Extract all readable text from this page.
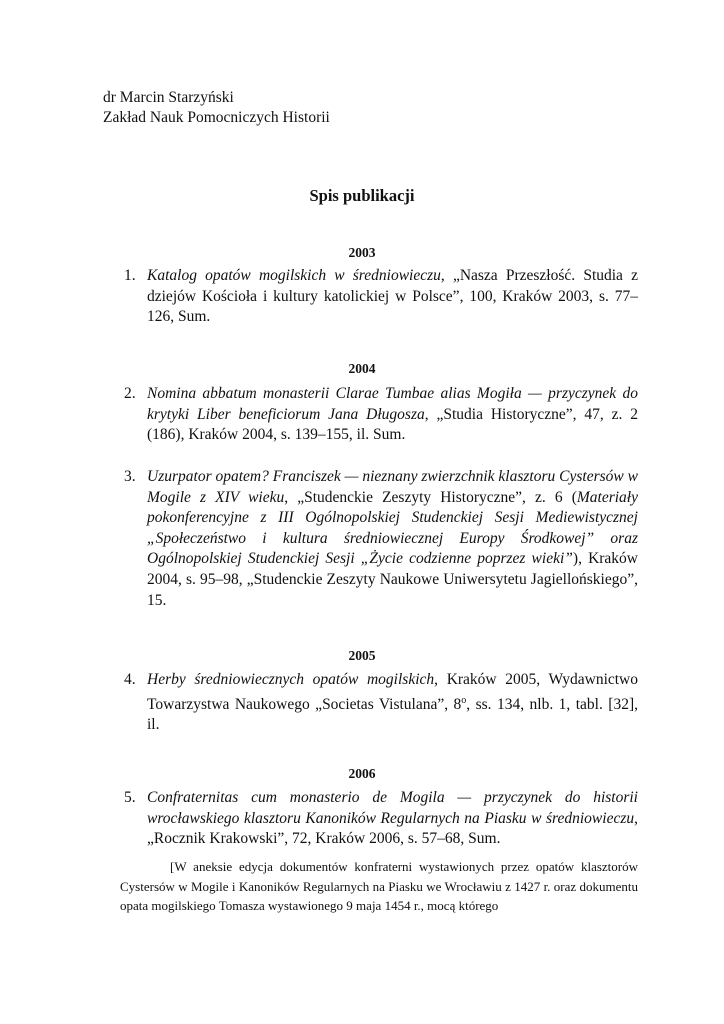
dr Marcin Starzyński
Zakład Nauk Pomocniczych Historii
Spis publikacji
2003
1. Katalog opatów mogilskich w średniowieczu, „Nasza Przeszłość. Studia z dziejów Kościoła i kultury katolickiej w Polsce”, 100, Kraków 2003, s. 77–126, Sum.
2004
2. Nomina abbatum monasterii Clarae Tumbae alias Mogiła — przyczynek do krytyki Liber beneficiorum Jana Długosza, „Studia Historyczne”, 47, z. 2 (186), Kraków 2004, s. 139–155, il. Sum.
3. Uzurpator opatem? Franciszek — nieznany zwierzchnik klasztoru Cystersów w Mogile z XIV wieku, „Studenckie Zeszyty Historyczne”, z. 6 (Materiały pokonferencyjne z III Ogólnopolskiej Studenckiej Sesji Mediewistycznej „Społeczeństwo i kultura średniowiecznej Europy Środkowej” oraz Ogólnopolskiej Studenckiej Sesji „Życie codzienne poprzez wieki”), Kraków 2004, s. 95–98, „Studenckie Zeszyty Naukowe Uniwersytetu Jagiellońskiego”, 15.
2005
4. Herby średniowiecznych opatów mogilskich, Kraków 2005, Wydawnictwo Towarzystwa Naukowego „Societas Vistulana”, 8$^o$, ss. 134, nlb. 1, tabl. [32], il.
2006
5. Confraternitas cum monasterio de Mogila — przyczynek do historii wrocławskiego klasztoru Kanoników Regularnych na Piasku w średniowieczu, „Rocznik Krakowski”, 72, Kraków 2006, s. 57–68, Sum.
[W aneksie edycja dokumentów konfraterni wystawionych przez opatów klasztorów Cystersów w Mogile i Kanoników Regularnych na Piasku we Wrocławiu z 1427 r. oraz dokumentu opata mogilskiego Tomasza wystawionego 9 maja 1454 r., mocą którego
